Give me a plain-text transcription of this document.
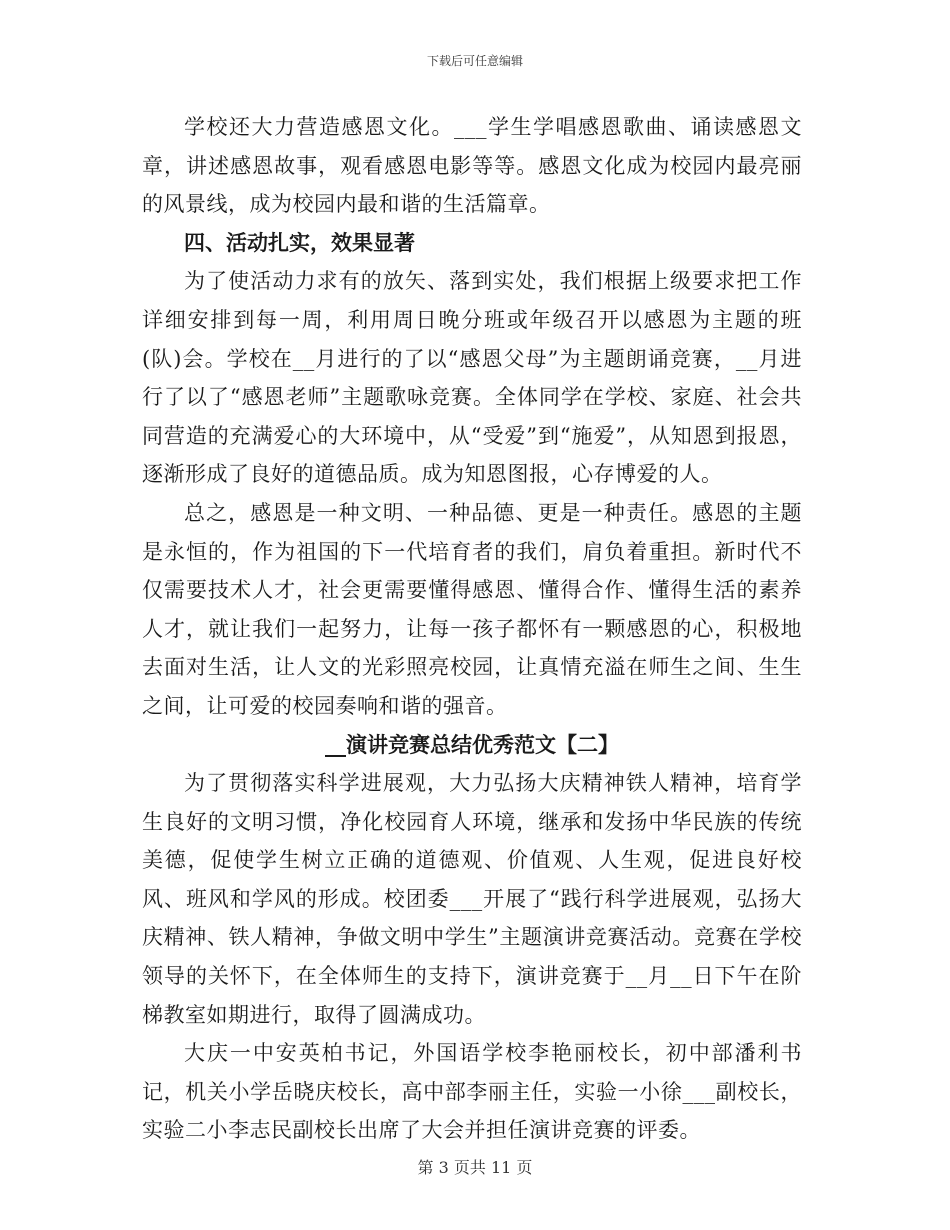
下载后可任意编辑

学校还大力营造感恩文化。___学生学唱感恩歌曲、诵读感恩文章，讲述感恩故事，观看感恩电影等等。感恩文化成为校园内最亮丽的风景线，成为校园内最和谐的生活篇章。

四、活动扎实，效果显著

为了使活动力求有的放矢、落到实处，我们根据上级要求把工作详细安排到每一周，利用周日晚分班或年级召开以感恩为主题的班(队)会。学校在__月进行的了以“感恩父母”为主题朗诵竞赛，__月进行了以了“感恩老师”主题歌咏竞赛。全体同学在学校、家庭、社会共同营造的充满爱心的大环境中，从“受爱”到“施爱”，从知恩到报恩，逐渐形成了良好的道德品质。成为知恩图报，心存博爱的人。

总之，感恩是一种文明、一种品德、更是一种责任。感恩的主题是永恒的，作为祖国的下一代培育者的我们，肩负着重担。新时代不仅需要技术人才，社会更需要懂得感恩、懂得合作、懂得生活的素养人才，就让我们一起努力，让每一孩子都怀有一颗感恩的心，积极地去面对生活，让人文的光彩照亮校园，让真情充溢在师生之间、生生之间，让可爱的校园奏响和谐的强音。

__演讲竞赛总结优秀范文【二】

为了贯彻落实科学进展观，大力弘扬大庆精神铁人精神，培育学生良好的文明习惯，净化校园育人环境，继承和发扬中华民族的传统美德，促使学生树立正确的道德观、价值观、人生观，促进良好校风、班风和学风的形成。校团委___开展了“践行科学进展观，弘扬大庆精神、铁人精神，争做文明中学生”主题演讲竞赛活动。竞赛在学校领导的关怀下，在全体师生的支持下，演讲竞赛于__月__日下午在阶梯教室如期进行，取得了圆满成功。

大庆一中安英柏书记，外国语学校李艳丽校长，初中部潘利书记，机关小学岳晓庆校长，高中部李丽主任，实验一小徐___副校长，实验二小李志民副校长出席了大会并担任演讲竞赛的评委。

第 3 页共 11 页
